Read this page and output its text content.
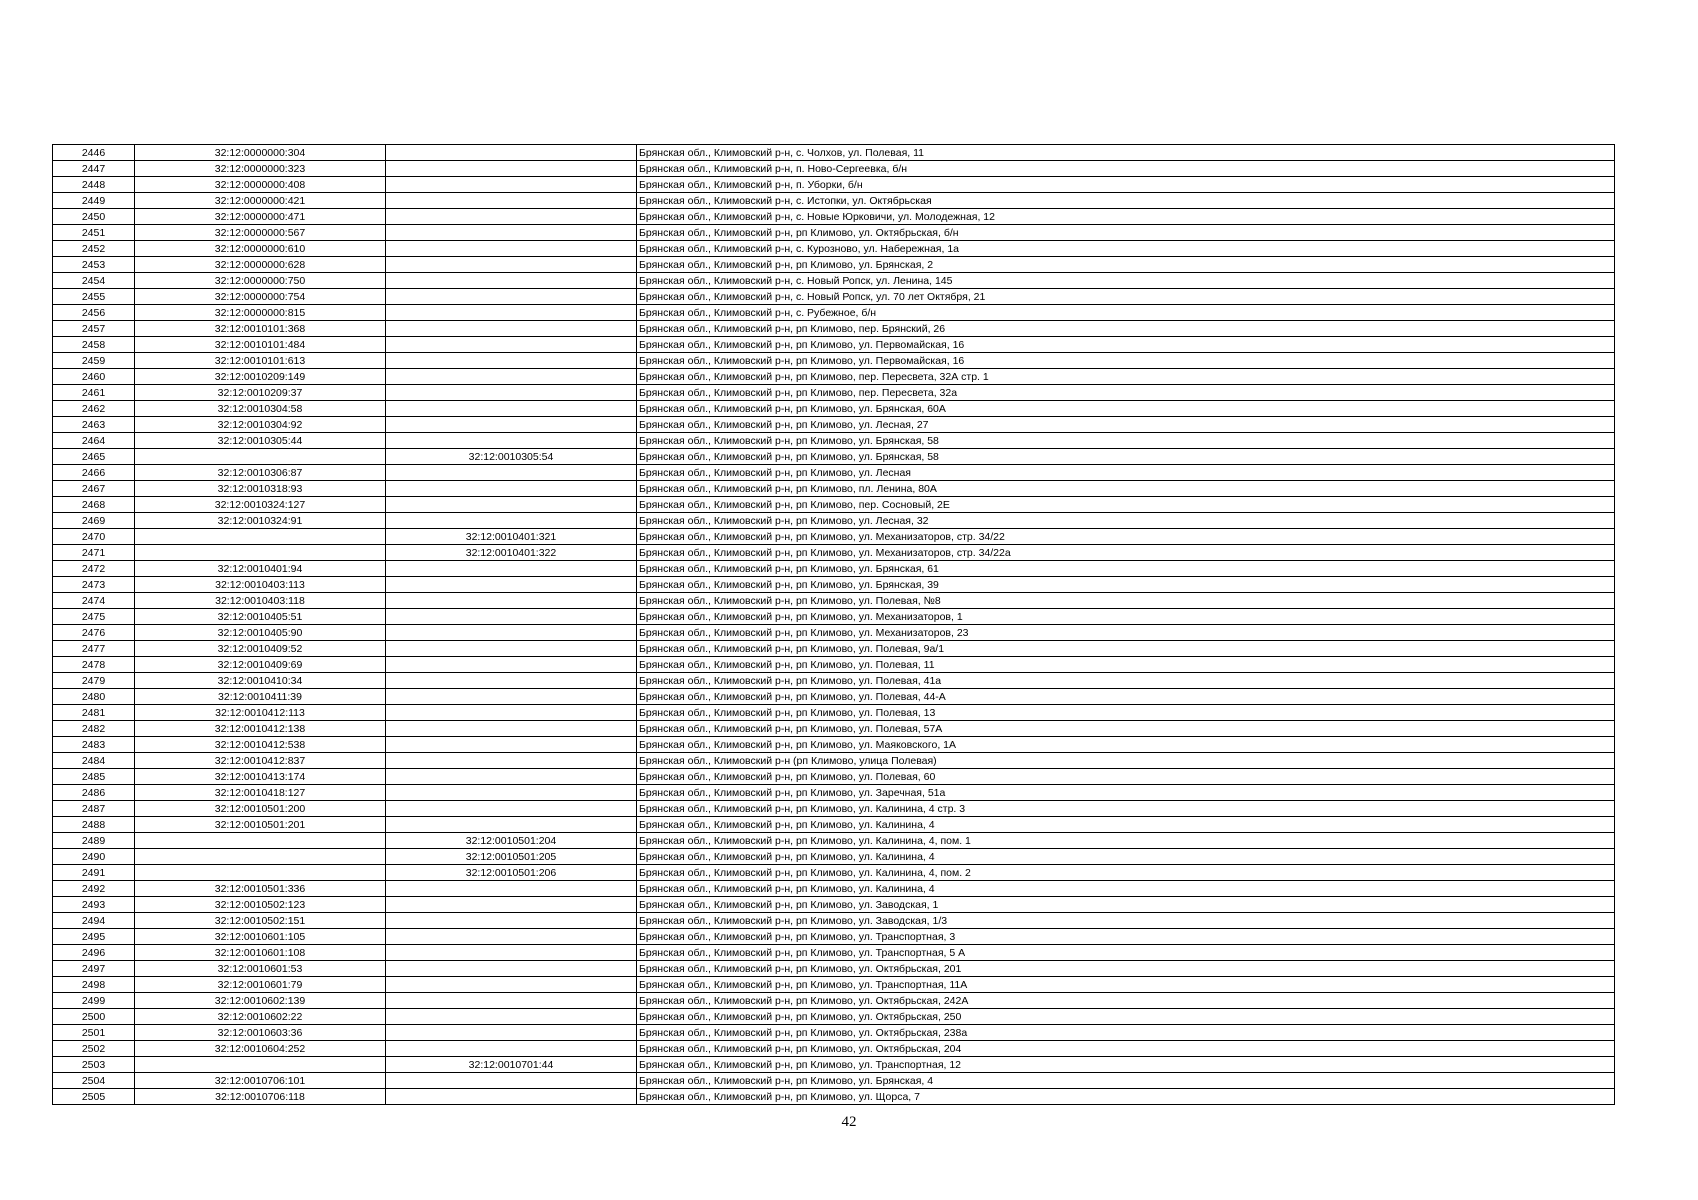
2446	32:12:0000000:304		Брянская обл., Климовский р-н, с. Чолхов, ул. Полевая, 11
2447	32:12:0000000:323		Брянская обл., Климовский р-н, п. Ново-Сергеевка, б/н
2448	32:12:0000000:408		Брянская обл., Климовский р-н, п. Уборки, б/н
2449	32:12:0000000:421		Брянская обл., Климовский р-н, с. Истопки, ул. Октябрьская
2450	32:12:0000000:471		Брянская обл., Климовский р-н, с. Новые Юрковичи, ул. Молодежная, 12
2451	32:12:0000000:567		Брянская обл., Климовский р-н, рп Климово, ул. Октябрьская, б/н
2452	32:12:0000000:610		Брянская обл., Климовский р-н, с. Курозново, ул. Набережная, 1а
2453	32:12:0000000:628		Брянская обл., Климовский р-н, рп Климово, ул. Брянская, 2
2454	32:12:0000000:750		Брянская обл., Климовский р-н, с. Новый Ропск, ул. Ленина, 145
2455	32:12:0000000:754		Брянская обл., Климовский р-н, с. Новый Ропск, ул. 70 лет Октября, 21
2456	32:12:0000000:815		Брянская обл., Климовский р-н, с. Рубежное, б/н
2457	32:12:0010101:368		Брянская обл., Климовский р-н, рп Климово, пер. Брянский, 26
2458	32:12:0010101:484		Брянская обл., Климовский р-н, рп Климово, ул. Первомайская, 16
2459	32:12:0010101:613		Брянская обл., Климовский р-н, рп Климово, ул. Первомайская, 16
2460	32:12:0010209:149		Брянская обл., Климовский р-н, рп Климово, пер. Пересвета, 32А стр. 1
2461	32:12:0010209:37		Брянская обл., Климовский р-н, рп Климово, пер. Пересвета, 32а
2462	32:12:0010304:58		Брянская обл., Климовский р-н, рп Климово, ул. Брянская, 60А
2463	32:12:0010304:92		Брянская обл., Климовский р-н, рп Климово, ул. Лесная, 27
2464	32:12:0010305:44		Брянская обл., Климовский р-н, рп Климово, ул. Брянская, 58
2465		32:12:0010305:54	Брянская обл., Климовский р-н, рп Климово, ул. Брянская, 58
2466	32:12:0010306:87		Брянская обл., Климовский р-н, рп Климово, ул. Лесная
2467	32:12:0010318:93		Брянская обл., Климовский р-н, рп Климово, пл. Ленина, 80А
2468	32:12:0010324:127		Брянская обл., Климовский р-н, рп Климово, пер. Сосновый, 2Е
2469	32:12:0010324:91		Брянская обл., Климовский р-н, рп Климово, ул. Лесная, 32
2470		32:12:0010401:321	Брянская обл., Климовский р-н, рп Климово, ул. Механизаторов, стр. 34/22
2471		32:12:0010401:322	Брянская обл., Климовский р-н, рп Климово, ул. Механизаторов, стр. 34/22а
2472	32:12:0010401:94		Брянская обл., Климовский р-н, рп Климово, ул. Брянская, 61
2473	32:12:0010403:113		Брянская обл., Климовский р-н, рп Климово, ул. Брянская, 39
2474	32:12:0010403:118		Брянская обл., Климовский р-н, рп Климово, ул. Полевая, №8
2475	32:12:0010405:51		Брянская обл., Климовский р-н, рп Климово, ул. Механизаторов, 1
2476	32:12:0010405:90		Брянская обл., Климовский р-н, рп Климово, ул. Механизаторов, 23
2477	32:12:0010409:52		Брянская обл., Климовский р-н, рп Климово, ул. Полевая, 9а/1
2478	32:12:0010409:69		Брянская обл., Климовский р-н, рп Климово, ул. Полевая, 11
2479	32:12:0010410:34		Брянская обл., Климовский р-н, рп Климово, ул. Полевая, 41а
2480	32:12:0010411:39		Брянская обл., Климовский р-н, рп Климово, ул. Полевая, 44-А
2481	32:12:0010412:113		Брянская обл., Климовский р-н, рп Климово, ул. Полевая, 13
2482	32:12:0010412:138		Брянская обл., Климовский р-н, рп Климово, ул. Полевая, 57А
2483	32:12:0010412:538		Брянская обл., Климовский р-н, рп Климово, ул. Маяковского, 1А
2484	32:12:0010412:837		Брянская обл., Климовский р-н (рп Климово, улица Полевая)
2485	32:12:0010413:174		Брянская обл., Климовский р-н, рп Климово, ул. Полевая, 60
2486	32:12:0010418:127		Брянская обл., Климовский р-н, рп Климово, ул. Заречная, 51а
2487	32:12:0010501:200		Брянская обл., Климовский р-н, рп Климово, ул. Калинина, 4 стр. 3
2488	32:12:0010501:201		Брянская обл., Климовский р-н, рп Климово, ул. Калинина, 4
2489		32:12:0010501:204	Брянская обл., Климовский р-н, рп Климово, ул. Калинина, 4, пом. 1
2490		32:12:0010501:205	Брянская обл., Климовский р-н, рп Климово, ул. Калинина, 4
2491		32:12:0010501:206	Брянская обл., Климовский р-н, рп Климово, ул. Калинина, 4, пом. 2
2492	32:12:0010501:336		Брянская обл., Климовский р-н, рп Климово, ул. Калинина, 4
2493	32:12:0010502:123		Брянская обл., Климовский р-н, рп Климово, ул. Заводская, 1
2494	32:12:0010502:151		Брянская обл., Климовский р-н, рп Климово, ул. Заводская, 1/3
2495	32:12:0010601:105		Брянская обл., Климовский р-н, рп Климово, ул. Транспортная, 3
2496	32:12:0010601:108		Брянская обл., Климовский р-н, рп Климово, ул. Транспортная, 5 А
2497	32:12:0010601:53		Брянская обл., Климовский р-н, рп Климово, ул. Октябрьская, 201
2498	32:12:0010601:79		Брянская обл., Климовский р-н, рп Климово, ул. Транспортная, 11А
2499	32:12:0010602:139		Брянская обл., Климовский р-н, рп Климово, ул. Октябрьская, 242А
2500	32:12:0010602:22		Брянская обл., Климовский р-н, рп Климово, ул. Октябрьская, 250
2501	32:12:0010603:36		Брянская обл., Климовский р-н, рп Климово, ул. Октябрьская, 238а
2502	32:12:0010604:252		Брянская обл., Климовский р-н, рп Климово, ул. Октябрьская, 204
2503		32:12:0010701:44	Брянская обл., Климовский р-н, рп Климово, ул. Транспортная, 12
2504	32:12:0010706:101		Брянская обл., Климовский р-н, рп Климово, ул. Брянская, 4
2505	32:12:0010706:118		Брянская обл., Климовский р-н, рп Климово, ул. Щорса, 7
42
